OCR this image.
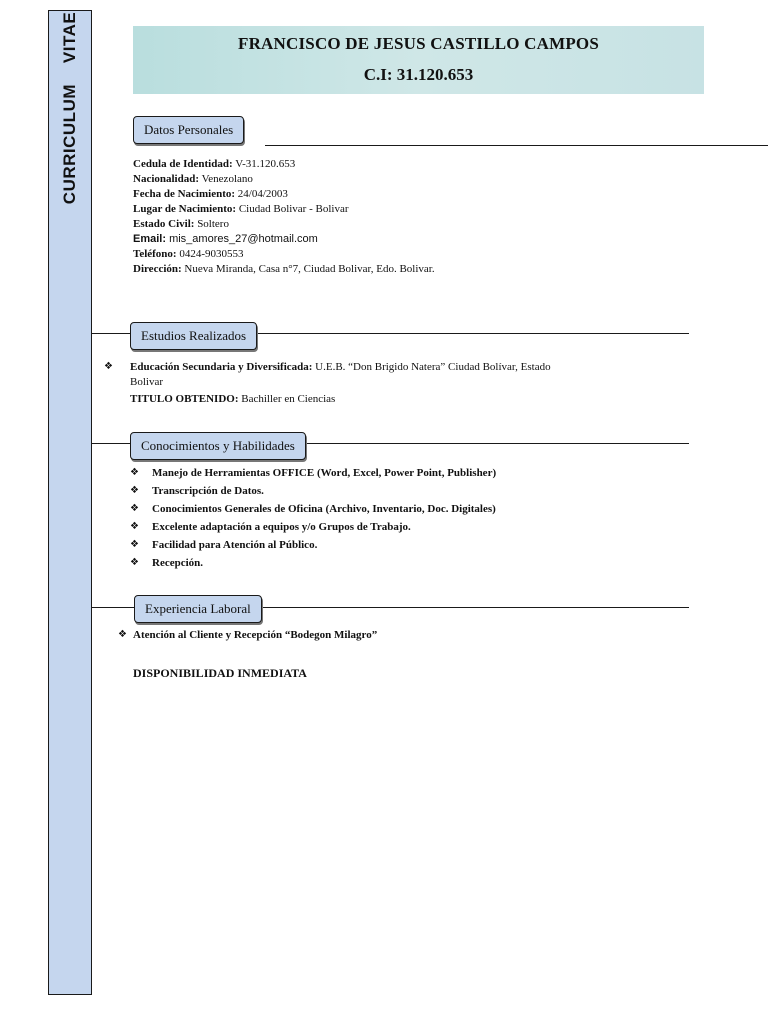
CURRICULUM    VITAE	FRANCISCO DE JESUS CASTILLO CAMPOS
C.I: 31.120.653
Datos Personales
Cedula de Identidad: V-31.120.653
Nacionalidad: Venezolano
Fecha de Nacimiento: 24/04/2003
Lugar de Nacimiento: Ciudad Bolivar - Bolivar
Estado Civil: Soltero
Email: mis_amores_27@hotmail.com
Teléfono: 0424-9030553
Dirección: Nueva Miranda, Casa n°7, Ciudad Bolivar, Edo. Bolivar.
Estudios Realizados
❖ Educación Secundaria y Diversificada: U.E.B. “Don Brigido Natera” Ciudad Bolívar, Estado
Bolivar
TITULO OBTENIDO: Bachiller en Ciencias
Conocimientos y Habilidades
❖ Manejo de Herramientas OFFICE (Word, Excel, Power Point, Publisher)
❖ Transcripción de Datos.
❖ Conocimientos Generales de Oficina (Archivo, Inventario, Doc. Digitales)
❖ Excelente adaptación a equipos y/o Grupos de Trabajo.
❖ Facilidad para Atención al Público.
❖ Recepción.
Experiencia Laboral
❖ Atención al Cliente y Recepción “Bodegon Milagro”
DISPONIBILIDAD INMEDIATA
